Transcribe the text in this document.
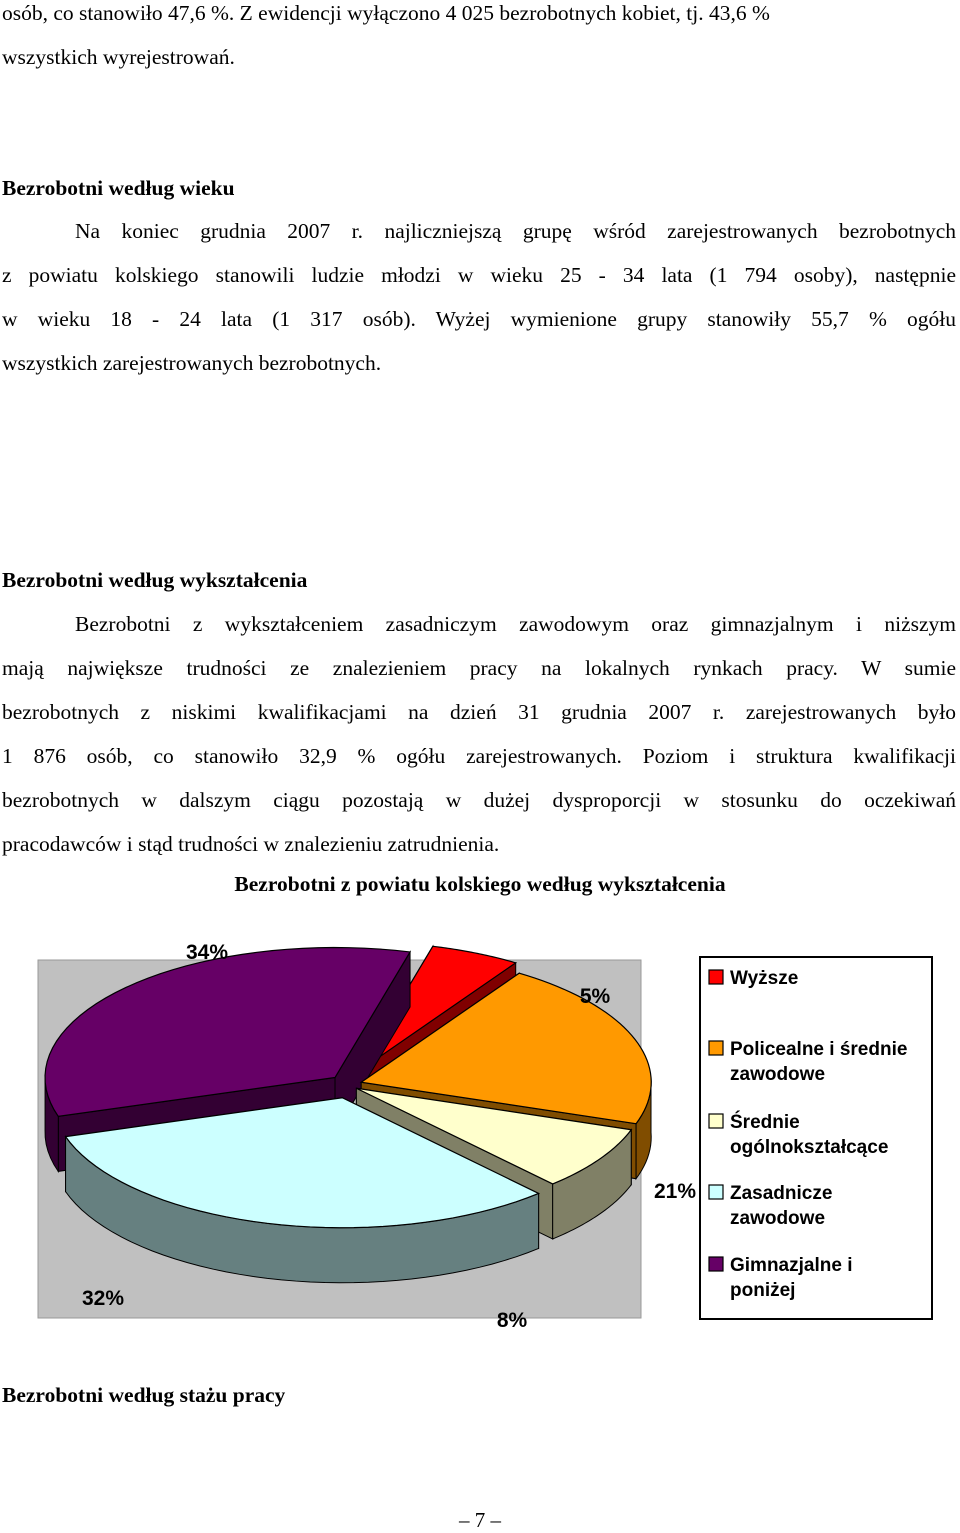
osób, co stanowiło 47,6 %. Z ewidencji wyłączono 4 025 bezrobotnych kobiet, tj. 43,6 %
wszystkich wyrejestrowań.
Bezrobotni według wieku
Na koniec grudnia 2007 r. najliczniejszą grupę wśród zarejestrowanych bezrobotnych
z powiatu kolskiego stanowili ludzie młodzi w wieku 25 - 34 lata (1 794 osoby), następnie
w wieku 18 - 24 lata (1 317 osób). Wyżej wymienione grupy stanowiły 55,7 % ogółu
wszystkich zarejestrowanych bezrobotnych.
Bezrobotni według wykształcenia
Bezrobotni z wykształceniem zasadniczym zawodowym oraz gimnazjalnym i niższym
mają największe trudności ze znalezieniem pracy na lokalnych rynkach pracy. W sumie
bezrobotnych z niskimi kwalifikacjami na dzień 31 grudnia 2007 r. zarejestrowanych było
1 876 osób, co stanowiło 32,9 % ogółu zarejestrowanych. Poziom i struktura kwalifikacji
bezrobotnych w dalszym ciągu pozostają w dużej dysproporcji w stosunku do oczekiwań
pracodawców i stąd trudności w znalezieniu zatrudnienia.
Bezrobotni z powiatu kolskiego według wykształcenia
5%
21%
8%
32%
34%
Wyższe
Policealne i średnie zawodowe
Średnie ogólnokształcące
Zasadnicze zawodowe
Gimnazjalne i poniżej
Bezrobotni według stażu pracy
– 7 –
